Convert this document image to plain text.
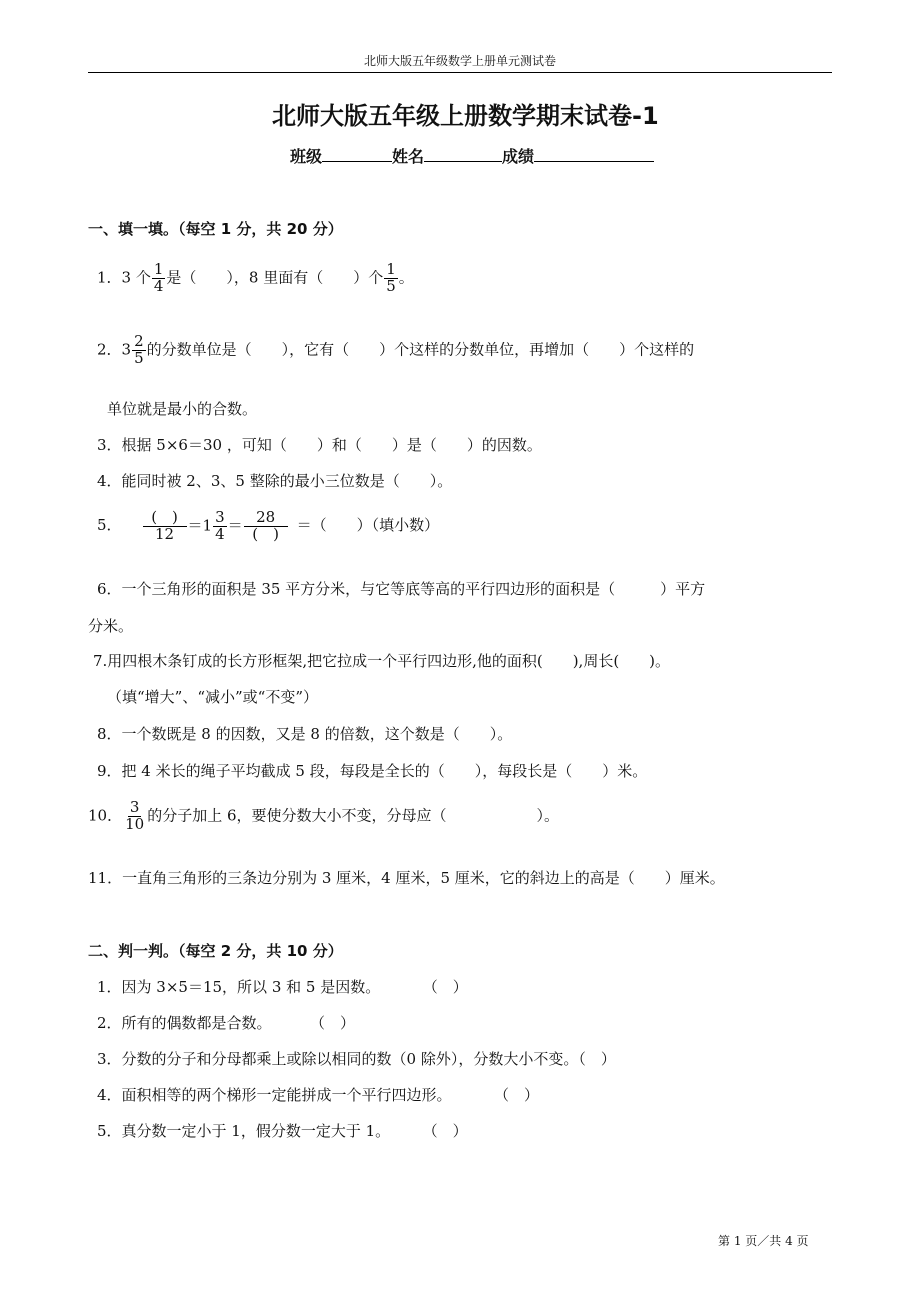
北师大版五年级数学上册单元测试卷
北师大版五年级上册数学期末试卷-1
班级	姓名	成绩
一、填一填。（每空 1 分，共 20 分）
1．3 个 $\frac{1}{4}$ 是（　　），8 里面有（　　）个 $\frac{1}{5}$ 。
2．$3 \frac{2}{5}$ 的分数单位是（　　），它有（　　）个这样的分数单位，再增加（　　）个这样的
单位就是最小的合数。
3．根据 5×6＝30 ，可知（　　）和（　　）是（　　）的因数。
4．能同时被 2、3、5 整除的最小三位数是（　　）。
5． $\frac{( )}{12} =1 \frac{3}{4} = \frac{28}{( )}$ ＝（　　）（填小数）
6．一个三角形的面积是 35 平方分米，与它等底等高的平行四边形的面积是（　　　）平方
分米。
7.用四根木条钉成的长方形框架,把它拉成一个平行四边形,他的面积(　　),周长(　　)。
（填“增大”、“减小”或“不变”）
8．一个数既是 8 的因数，又是 8 的倍数，这个数是（　　）。
9．把 4 米长的绳子平均截成 5 段，每段是全长的（　　），每段长是（　　）米。
10． $\frac{3}{10}$ 的分子加上 6，要使分数大小不变，分母应（　　　　　　）。
11．一直角三角形的三条边分别为 3 厘米，4 厘米，5 厘米，它的斜边上的高是（　　）厘米。
二、判一判。（每空 2 分，共 10 分）
1．因为 3×5＝15，所以 3 和 5 是因数。	（　）
2．所有的偶数都是合数。	（　）
3．分数的分子和分母都乘上或除以相同的数（0 除外），分数大小不变。（　）
4．面积相等的两个梯形一定能拼成一个平行四边形。	（　）
5．真分数一定小于 1，假分数一定大于 1。	（　）
第 1 页／共 4 页
